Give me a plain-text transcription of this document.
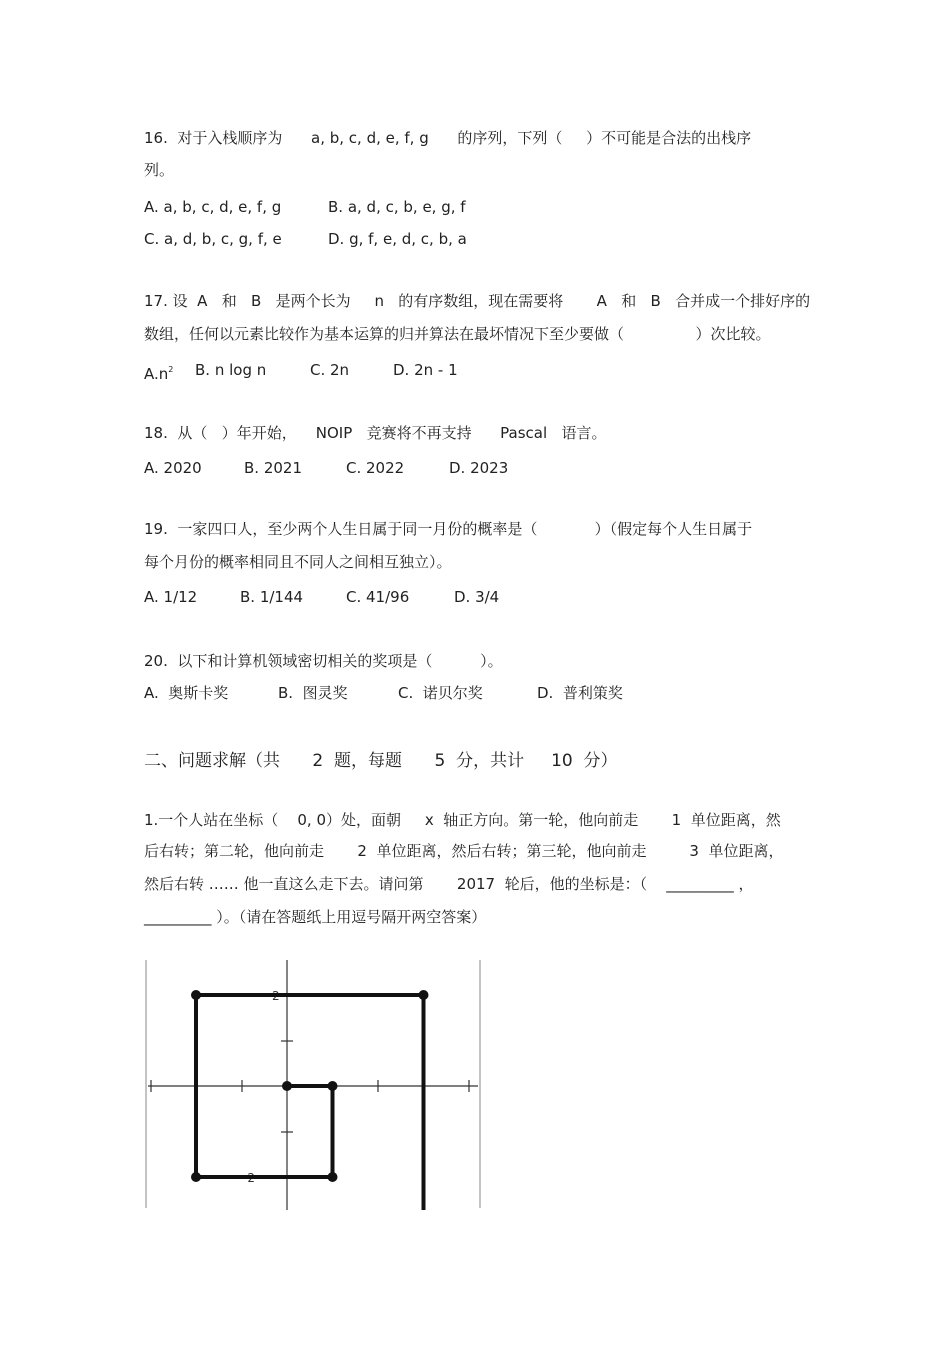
16.  对于入栈顺序为      a, b, c, d, e, f, g      的序列，下列（     ）不可能是合法的出栈序
列。
A. a, b, c, d, e, f, g	B. a, d, c, b, e, g, f
C. a, d, b, c, g, f, e	D. g, f, e, d, c, b, a
17. 设  A   和   B   是两个长为     n   的有序数组，现在需要将       A   和   B   合并成一个排好序的
数组，任何以元素比较作为基本运算的归并算法在最坏情况下至少要做（               ）次比较。
$A.n^2$ B. n log n	C. 2n	D. 2n - 1
18.  从（   ）年开始，    NOIP   竞赛将不再支持      Pascal   语言。
A. 2020	B. 2021	C. 2022	D. 2023
19.  一家四口人，至少两个人生日属于同一月份的概率是（            ）（假定每个人生日属于
每个月份的概率相同且不同人之间相互独立）。
A. 1/12	B. 1/144	C. 41/96	D. 3/4
20.  以下和计算机领域密切相关的奖项是（          ）。
A.  奥斯卡奖	B.  图灵奖	C.  诺贝尔奖	D.  普利策奖
二、问题求解（共      2  题，每题      5  分，共计     10  分）
1.一个人站在坐标（    0, 0）处，面朝     x  轴正方向。第一轮，他向前走       1  单位距离，然
后右转；第二轮，他向前走       2  单位距离，然后右转；第三轮，他向前走         3  单位距离，
然后右转 …… 他一直这么走下去。请问第       2017  轮后，他的坐标是：（    _________ ，
_________ ）。（请在答题纸上用逗号隔开两空答案）
2
-2
